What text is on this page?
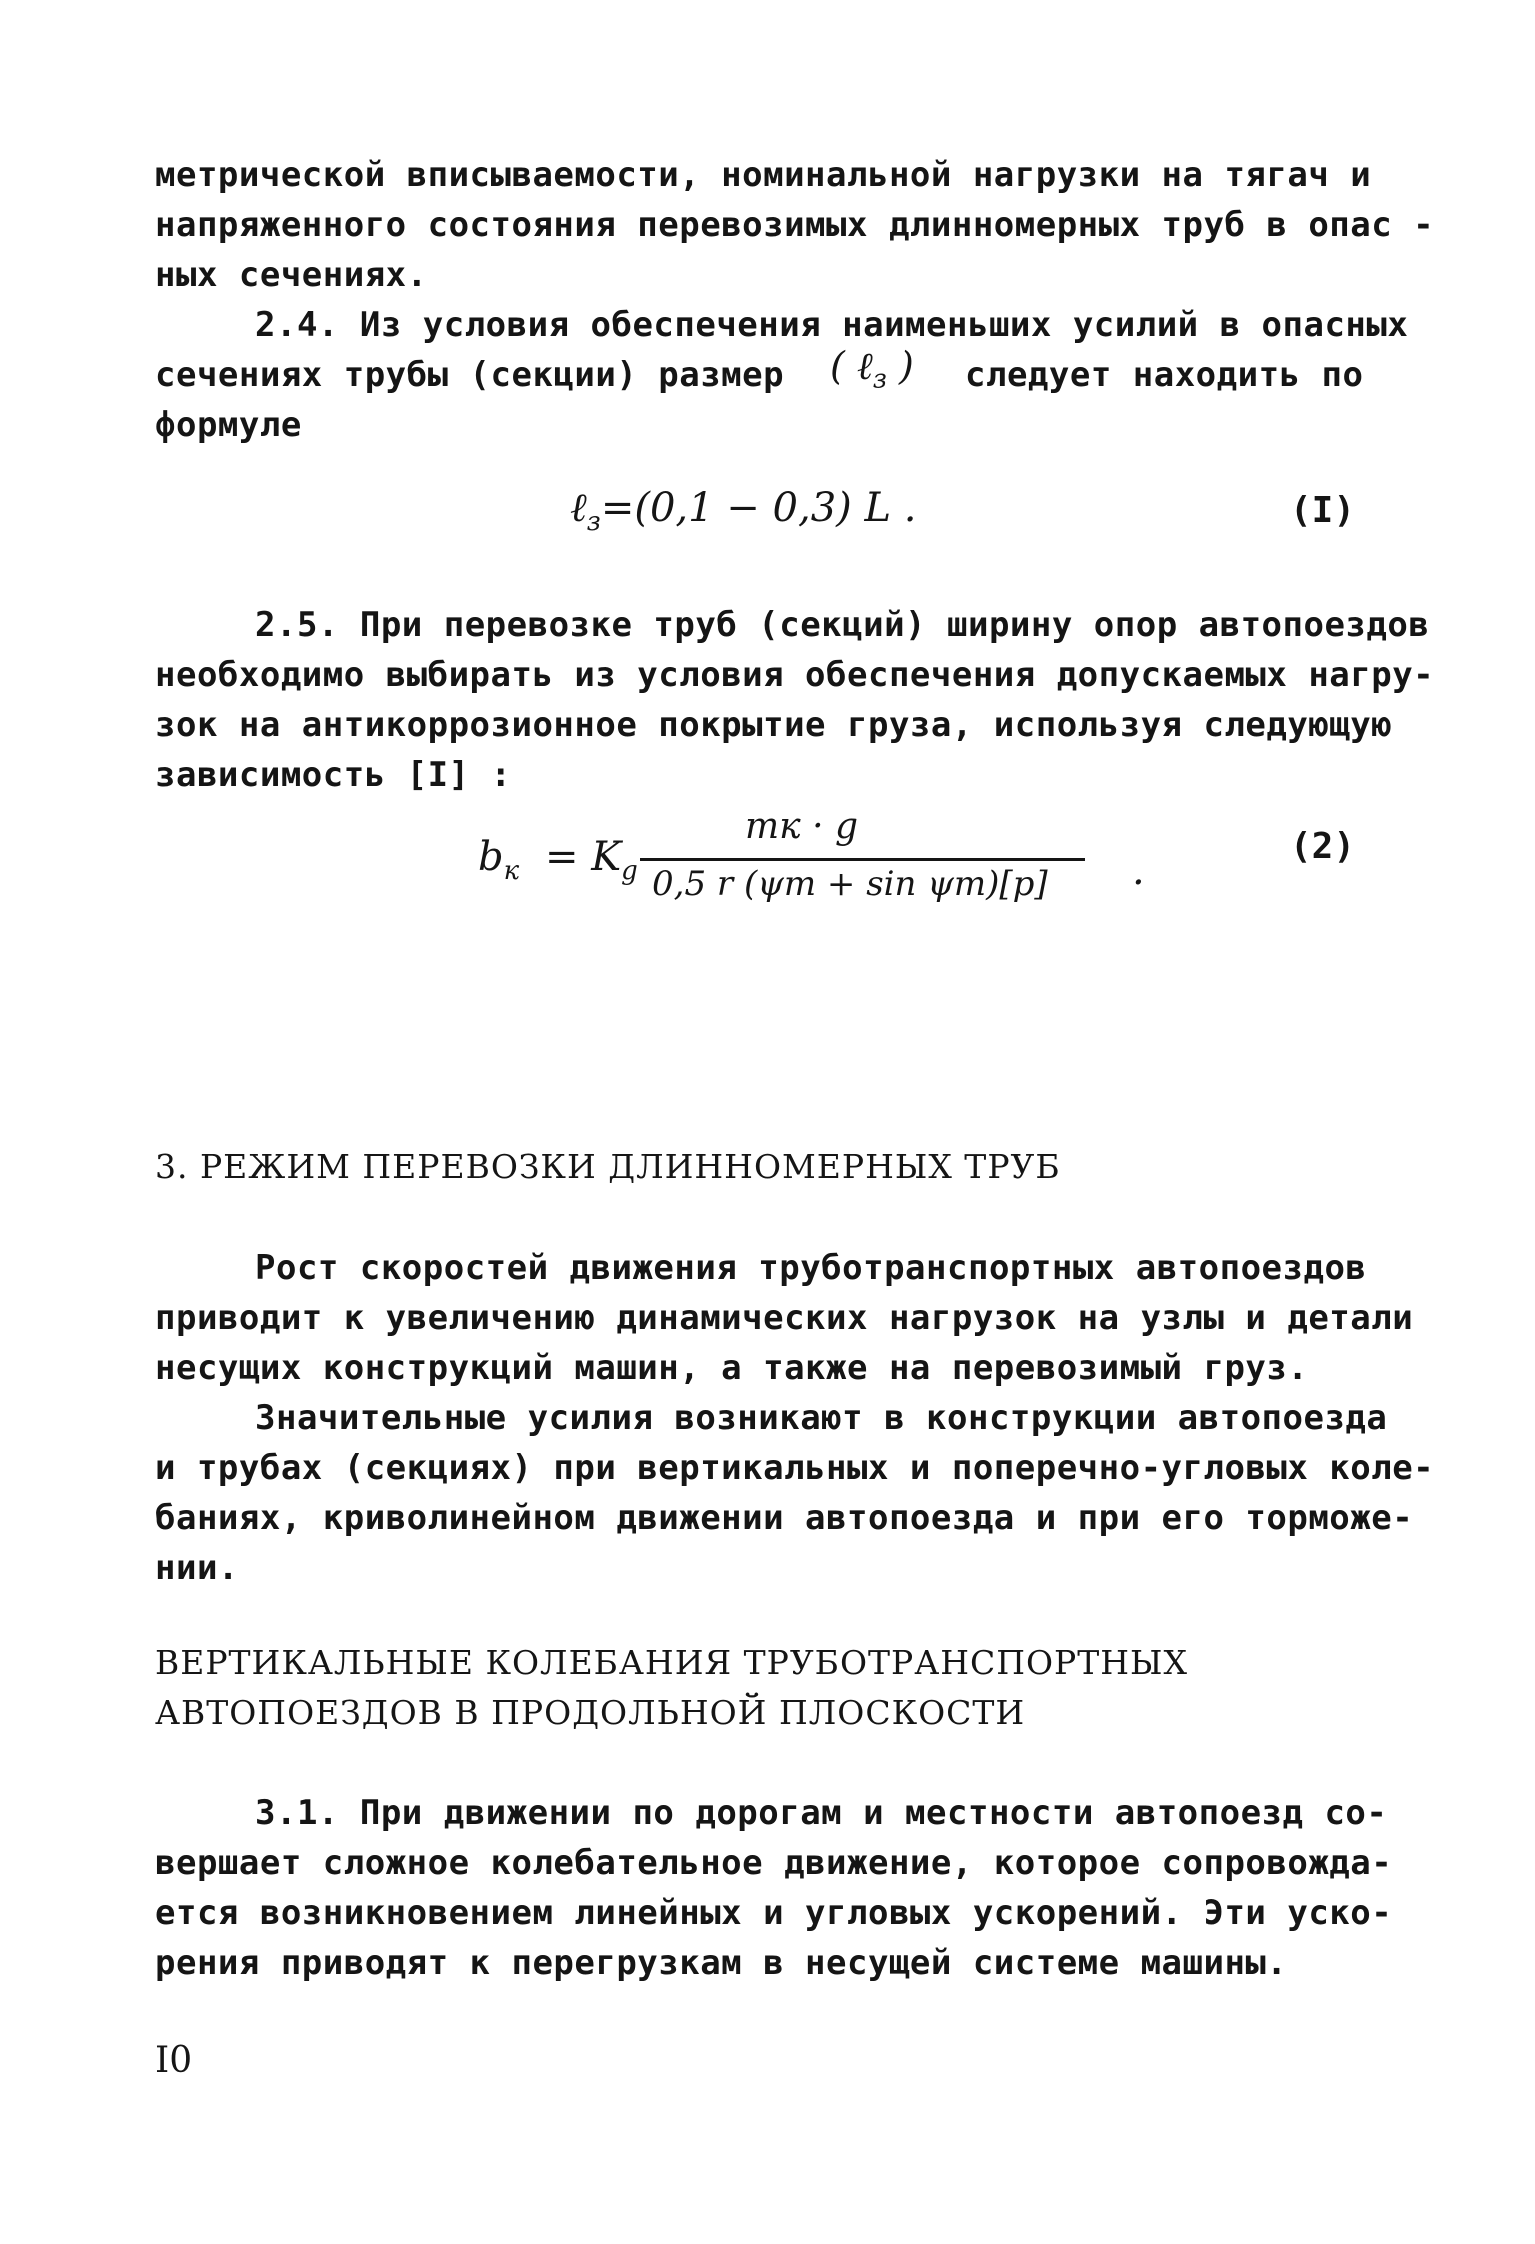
метрической вписываемости, номинальной нагрузки на тягач и
напряженного состояния перевозимых длинномерных труб в опас -
ных сечениях.
2.4. Из условия обеспечения наименьших усилий в опасных
сечениях трубы (секции) размер ( ℓ$_з$ ) следует находить по
формуле
ℓ$_з$=(0,1 − 0,3) L .	(I)
2.5. При перевозке труб (секций) ширину опор автопоездов
необходимо выбирать из условия обеспечения допускаемых нагру-
зок на антикоррозионное покрытие груза, используя следующую
зависимость [I] :
$b_к = K_g$
mк · g
0,5 r (ψт + sin ψт)[p] .
(2)
3. РЕЖИМ ПЕРЕВОЗКИ ДЛИННОМЕРНЫХ ТРУБ
Рост скоростей движения труботранспортных автопоездов
приводит к увеличению динамических нагрузок на узлы и детали
несущих конструкций машин, а также на перевозимый груз.
Значительные усилия возникают в конструкции автопоезда
и трубах (секциях) при вертикальных и поперечно-угловых коле-
баниях, криволинейном движении автопоезда и при его торможе-
нии.
ВЕРТИКАЛЬНЫЕ КОЛЕБАНИЯ ТРУБОТРАНСПОРТНЫХ
АВТОПОЕЗДОВ В ПРОДОЛЬНОЙ ПЛОСКОСТИ
3.1. При движении по дорогам и местности автопоезд со-
вершает сложное колебательное движение, которое сопровожда-
ется возникновением линейных и угловых ускорений. Эти уско-
рения приводят к перегрузкам в несущей системе машины.
I0
